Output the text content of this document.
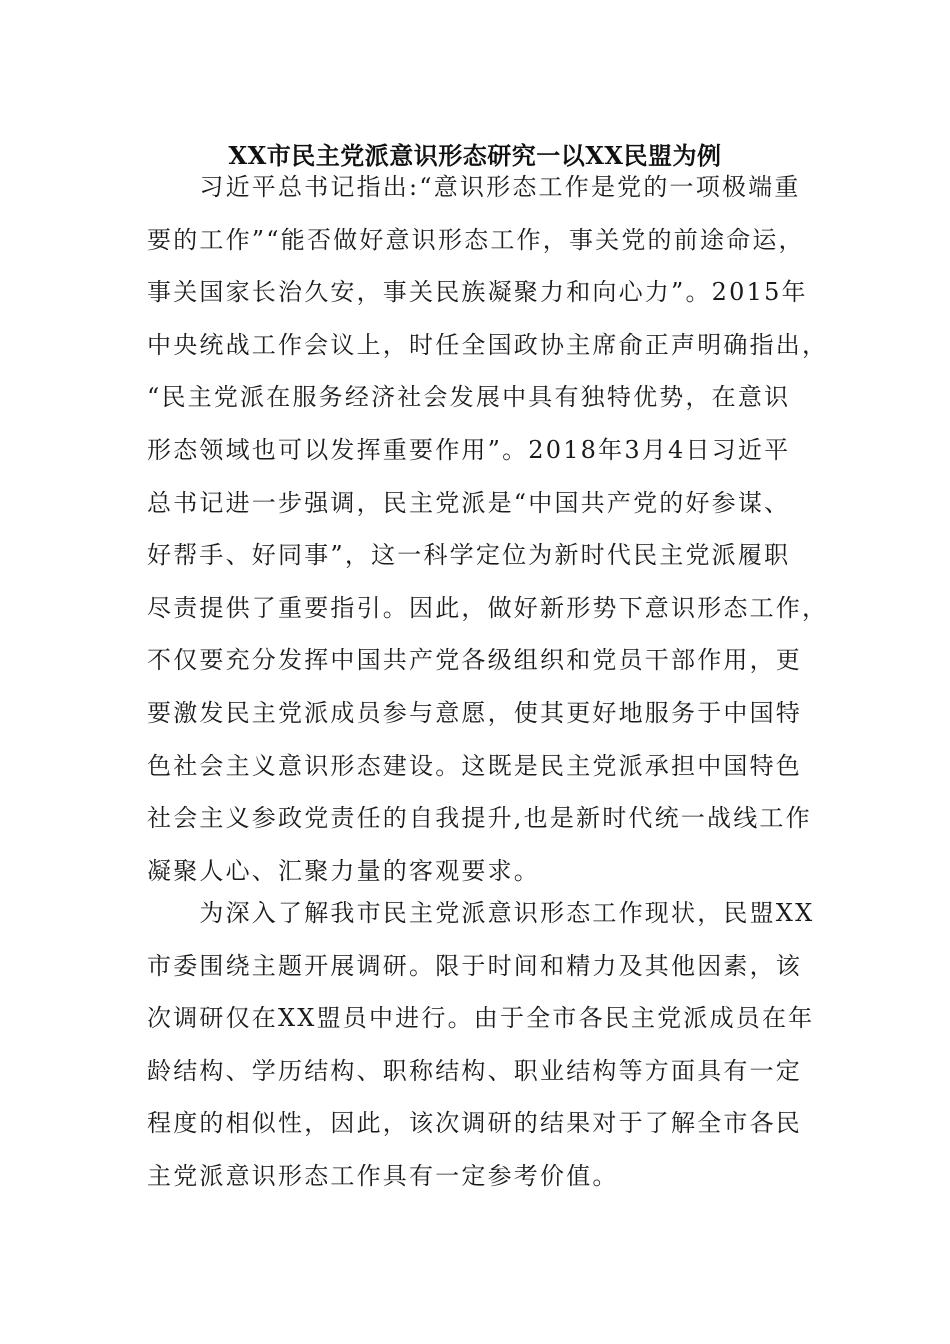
XX市民主党派意识形态研究一以XX民盟为例
　　习近平总书记指出:“意识形态工作是党的一项极端重
要的工作”“能否做好意识形态工作，事关党的前途命运，
事关国家长治久安，事关民族凝聚力和向心力”。2015年
中央统战工作会议上，时任全国政协主席俞正声明确指出，
“民主党派在服务经济社会发展中具有独特优势，在意识
形态领域也可以发挥重要作用”。2018年3月4日习近平
总书记进一步强调，民主党派是“中国共产党的好参谋、
好帮手、好同事”，这一科学定位为新时代民主党派履职
尽责提供了重要指引。因此，做好新形势下意识形态工作，
不仅要充分发挥中国共产党各级组织和党员干部作用，更
要激发民主党派成员参与意愿，使其更好地服务于中国特
色社会主义意识形态建设。这既是民主党派承担中国特色
社会主义参政党责任的自我提升,也是新时代统一战线工作
凝聚人心、汇聚力量的客观要求。
　　为深入了解我市民主党派意识形态工作现状，民盟XX
市委围绕主题开展调研。限于时间和精力及其他因素，该
次调研仅在XX盟员中进行。由于全市各民主党派成员在年
龄结构、学历结构、职称结构、职业结构等方面具有一定
程度的相似性，因此，该次调研的结果对于了解全市各民
主党派意识形态工作具有一定参考价值。
